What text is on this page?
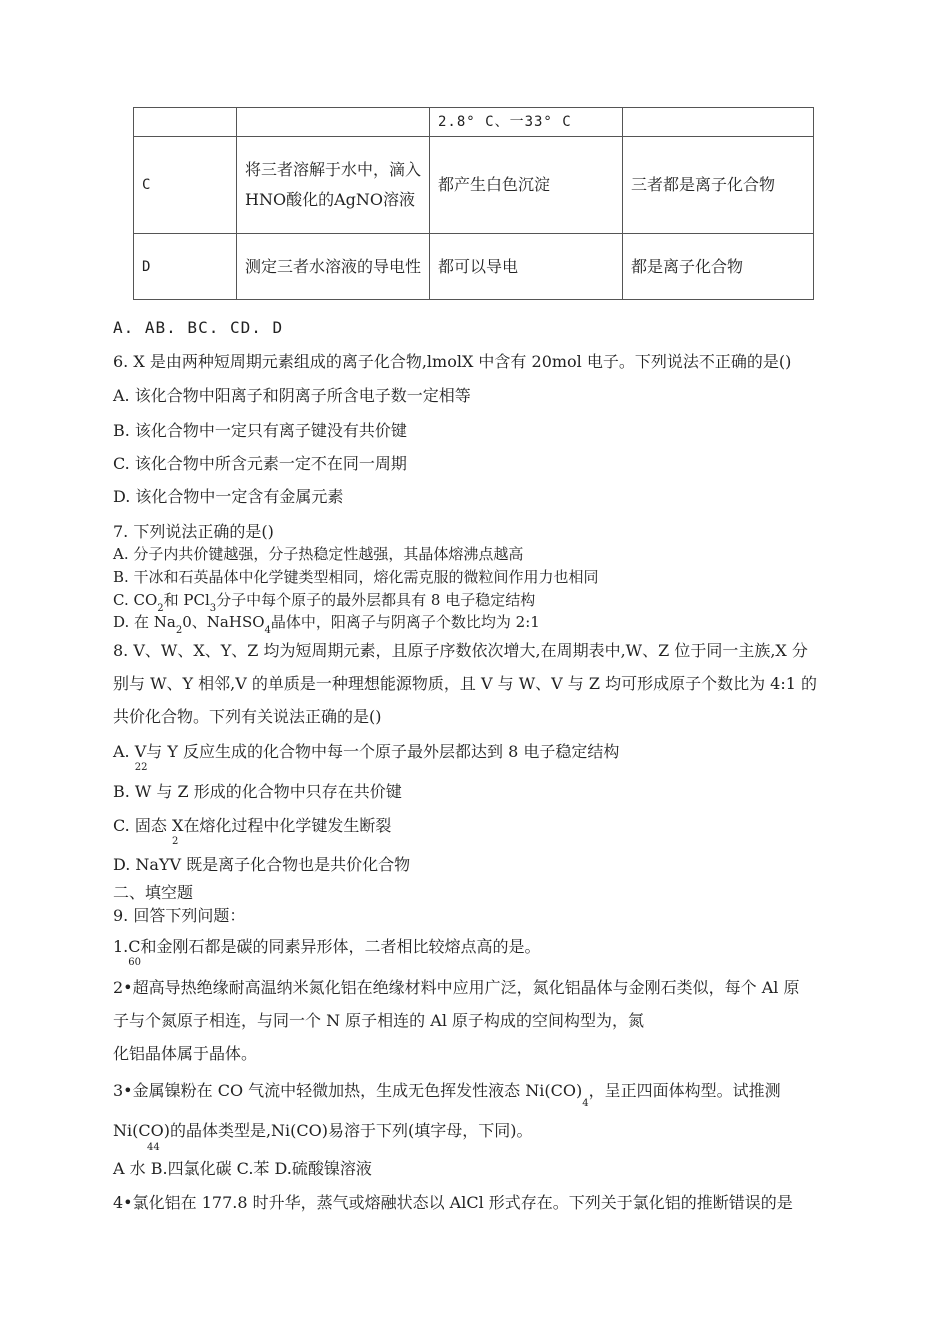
		2.8° C、一33° C	
C	将三者溶解于水中，滴入HNO酸化的AgNO溶液	都产生白色沉淀	三者都是离子化合物
D	测定三者水溶液的导电性	都可以导电	都是离子化合物
A. AB. BC. CD. D
6. X 是由两种短周期元素组成的离子化合物,lmolX 中含有 20mol 电子。下列说法不正确的是()
A. 该化合物中阳离子和阴离子所含电子数一定相等
B. 该化合物中一定只有离子键没有共价键
C. 该化合物中所含元素一定不在同一周期
D. 该化合物中一定含有金属元素
7. 下列说法正确的是()
A. 分子内共价键越强，分子热稳定性越强，其晶体熔沸点越高
B. 干冰和石英晶体中化学键类型相同，熔化需克服的微粒间作用力也相同
C. $CO_2$和 PCl$_3$分子中每个原子的最外层都具有 8 电子稳定结构
D. 在 $Na_20$、NaHSO$_4$晶体中，阳离子与阴离子个数比均为 2:1
8. V、W、X、Y、Z 均为短周期元素，且原子序数依次增大,在周期表中,W、Z 位于同一主族,X 分
别与 W、Y 相邻,V 的单质是一种理想能源物质，且 V 与 W、V 与 Z 均可形成原子个数比为 4:1 的
共价化合物。下列有关说法正确的是()
A. V
22
与 Y 反应生成的化合物中每一个原子最外层都达到 8 电子稳定结构
B. W 与 Z 形成的化合物中只存在共价键
C. 固态 X
2
在熔化过程中化学键发生断裂
D. NaYV 既是离子化合物也是共价化合物
二、填空题
9. 回答下列问题：
1.C
60
和金刚石都是碳的同素异形体，二者相比较熔点高的是。
2•超高导热绝缘耐高温纳米氮化铝在绝缘材料中应用广泛，氮化铝晶体与金刚石类似，每个 Al 原
子与个氮原子相连，与同一个 N 原子相连的 Al 原子构成的空间构型为，氮
化铝晶体属于晶体。
3•金属镍粉在 CO 气流中轻微加热，生成无色挥发性液态 $Ni(CO)_4$，呈正四面体构型。试推测
Ni(CO)
44
的晶体类型是,Ni(CO)易溶于下列(填字母，下同)。
A 水 B.四氯化碳 C.苯 D.硫酸镍溶液
4•氯化铝在 177.8 时升华，蒸气或熔融状态以 AlCl 形式存在。下列关于氯化铝的推断错误的是
